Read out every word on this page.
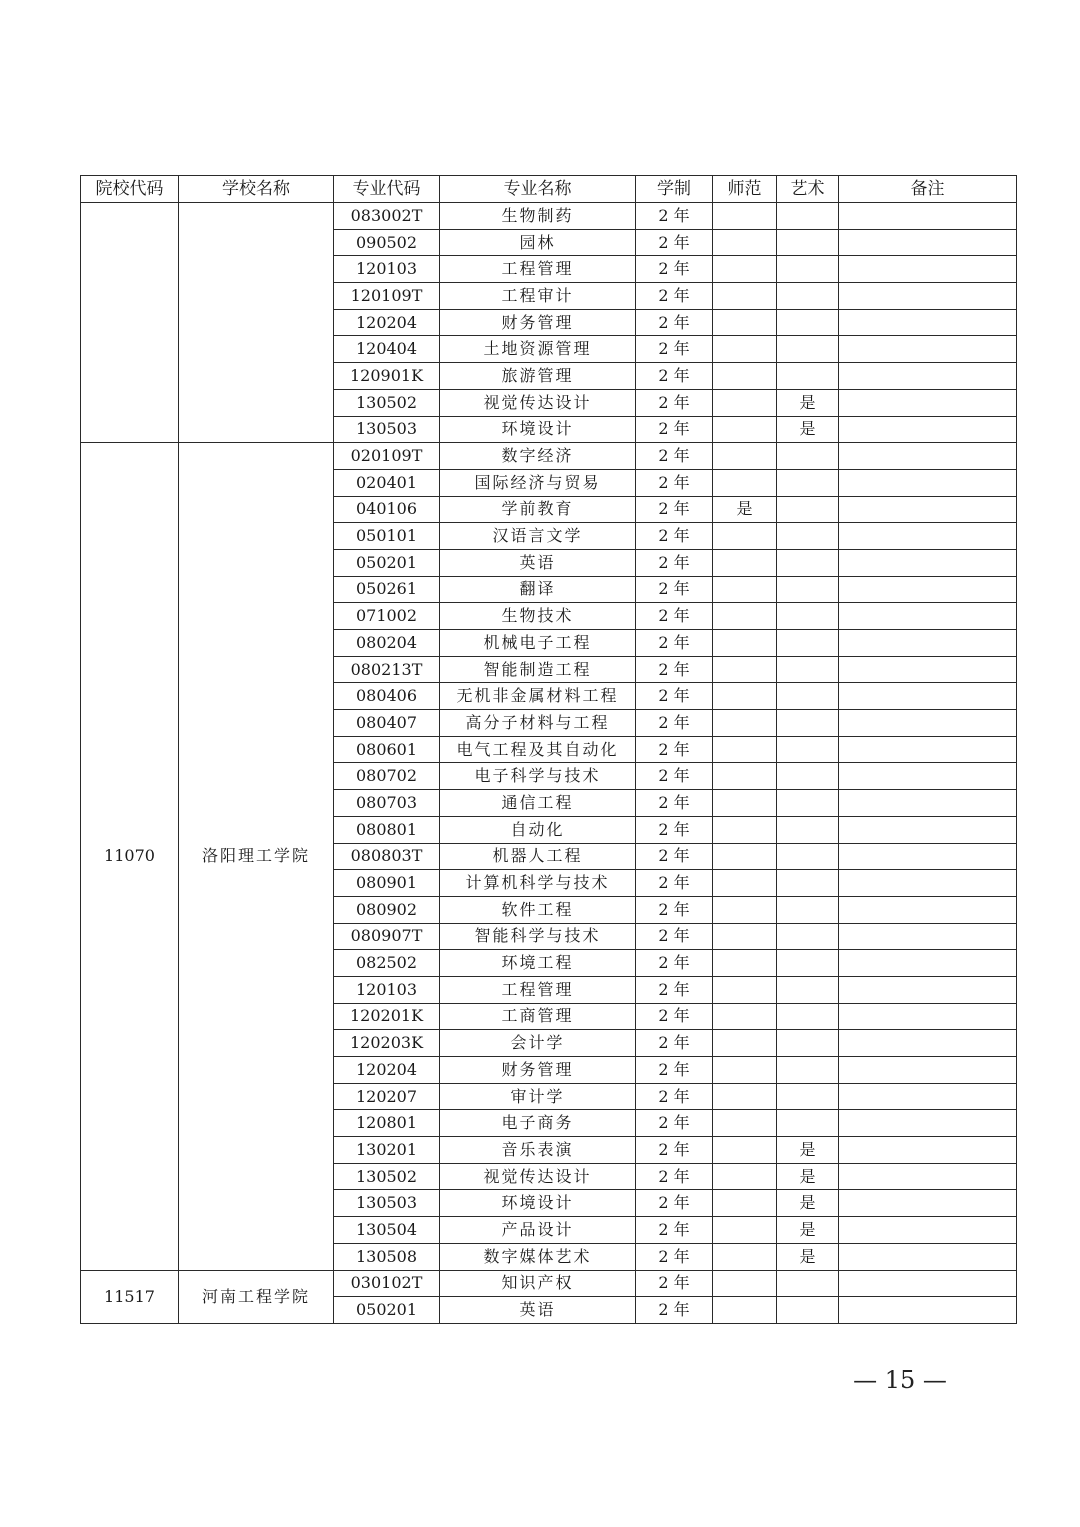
院校代码	学校名称	专业代码	专业名称	学制	师范	艺术	备注
		083002T	生物制药	2 年			
		090502	园林	2 年			
		120103	工程管理	2 年			
		120109T	工程审计	2 年			
		120204	财务管理	2 年			
		120404	土地资源管理	2 年			
		120901K	旅游管理	2 年			
		130502	视觉传达设计	2 年		是	
		130503	环境设计	2 年		是	
11070	洛阳理工学院	020109T	数字经济	2 年			
		020401	国际经济与贸易	2 年			
		040106	学前教育	2 年	是		
		050101	汉语言文学	2 年			
		050201	英语	2 年			
		050261	翻译	2 年			
		071002	生物技术	2 年			
		080204	机械电子工程	2 年			
		080213T	智能制造工程	2 年			
		080406	无机非金属材料工程	2 年			
		080407	高分子材料与工程	2 年			
		080601	电气工程及其自动化	2 年			
		080702	电子科学与技术	2 年			
		080703	通信工程	2 年			
		080801	自动化	2 年			
		080803T	机器人工程	2 年			
		080901	计算机科学与技术	2 年			
		080902	软件工程	2 年			
		080907T	智能科学与技术	2 年			
		082502	环境工程	2 年			
		120103	工程管理	2 年			
		120201K	工商管理	2 年			
		120203K	会计学	2 年			
		120204	财务管理	2 年			
		120207	审计学	2 年			
		120801	电子商务	2 年			
		130201	音乐表演	2 年		是	
		130502	视觉传达设计	2 年		是	
		130503	环境设计	2 年		是	
		130504	产品设计	2 年		是	
		130508	数字媒体艺术	2 年		是	
11517	河南工程学院	030102T	知识产权	2 年			
		050201	英语	2 年			
— 15 —
